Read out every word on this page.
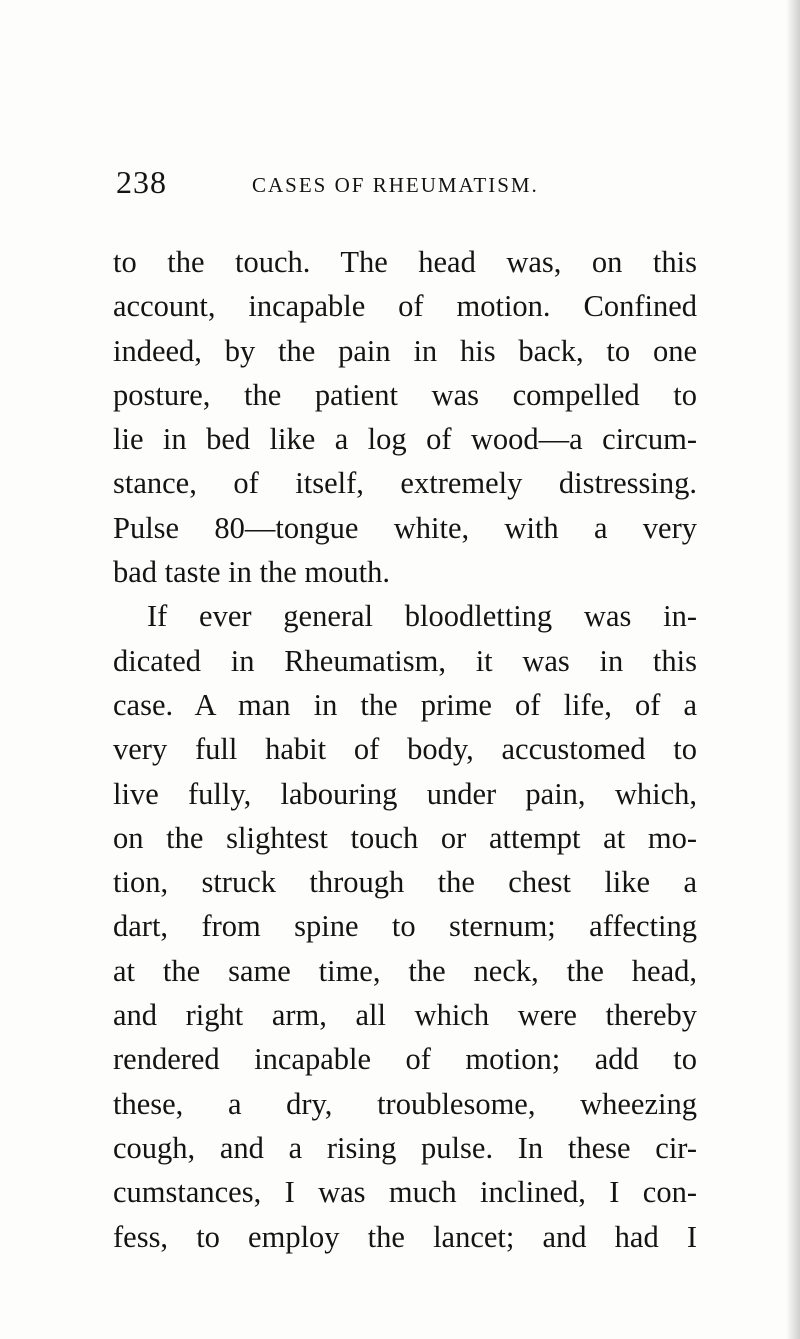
238	CASES OF RHEUMATISM.
to the touch. The head was, on this
account, incapable of motion. Confined
indeed, by the pain in his back, to one
posture, the patient was compelled to
lie in bed like a log of wood—a circum-
stance, of itself, extremely distressing.
Pulse 80—tongue white, with a very
bad taste in the mouth.
If ever general bloodletting was in-
dicated in Rheumatism, it was in this
case. A man in the prime of life, of a
very full habit of body, accustomed to
live fully, labouring under pain, which,
on the slightest touch or attempt at mo-
tion, struck through the chest like a
dart, from spine to sternum; affecting
at the same time, the neck, the head,
and right arm, all which were thereby
rendered incapable of motion; add to
these, a dry, troublesome, wheezing
cough, and a rising pulse. In these cir-
cumstances, I was much inclined, I con-
fess, to employ the lancet; and had I
